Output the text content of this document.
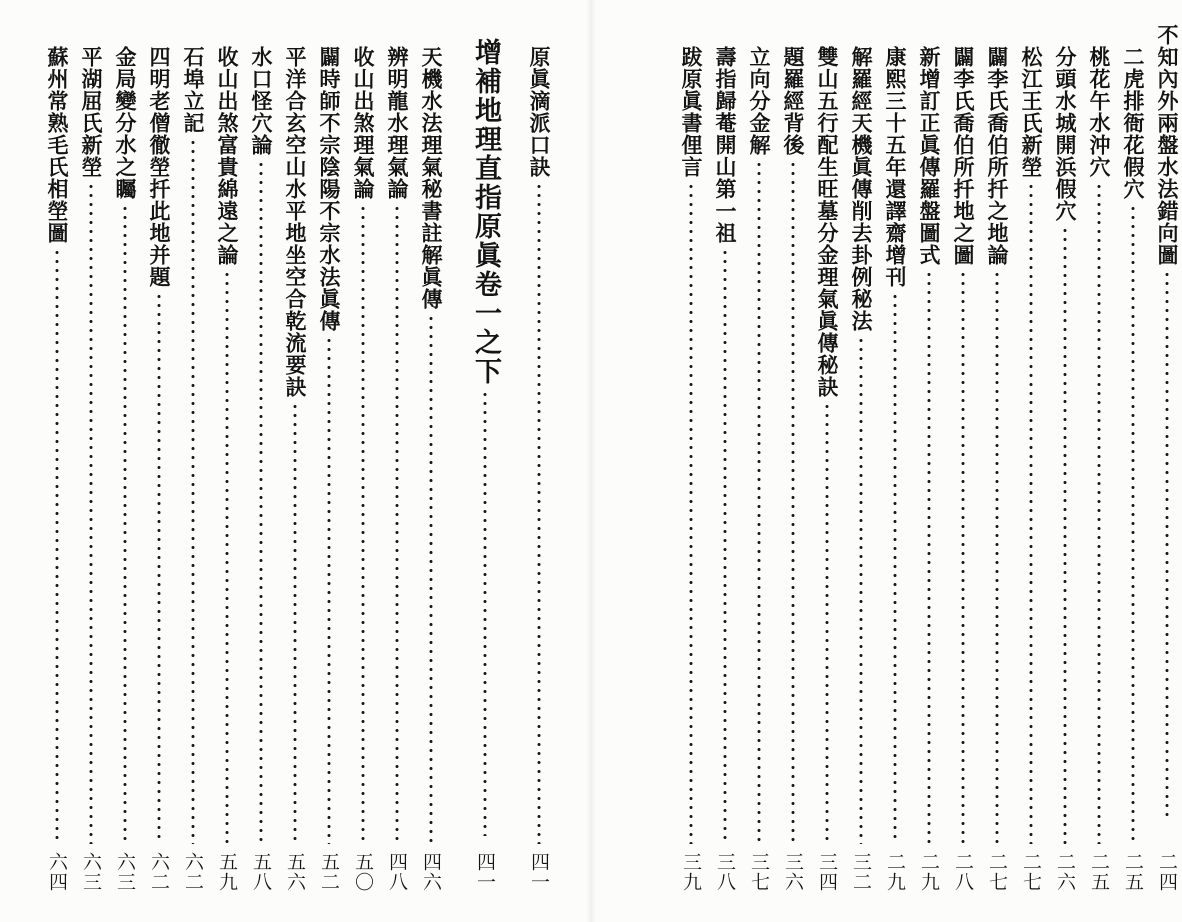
不知內外兩盤水法錯向圖
二四
二虎排衙花假穴
二五
桃花午水沖穴
二五
分頭水城開浜假穴
二六
松江王氏新塋
二七
闢李氏喬伯所扦之地論
二七
闢李氏喬伯所扦地之圖
二八
新增訂正眞傳羅盤圖式
二九
康熙三十五年還譯齋增刊
二九
解羅經天機眞傳削去卦例秘法
三二
雙山五行配生旺墓分金理氣眞傳秘訣
三四
題羅經背後
三六
立向分金解
三七
壽指歸菴開山第一祖
三八
跋原眞書俚言
三九
原眞滴派口訣
四一
增補地理直指原眞卷一之下
四一
天機水法理氣秘書註解眞傳
四六
辨明龍水理氣論
四八
收山出煞理氣論
五〇
闢時師不宗陰陽不宗水法眞傳
五二
平洋合玄空山水平地坐空合乾流要訣
五六
水口怪穴論
五八
收山出煞富貴綿遠之論
五九
石埠立記
六二
四明老僧徹塋扦此地并題
六二
金局變分水之矚
六三
平湖屈氏新塋
六三
蘇州常熟毛氏相塋圖
六四
